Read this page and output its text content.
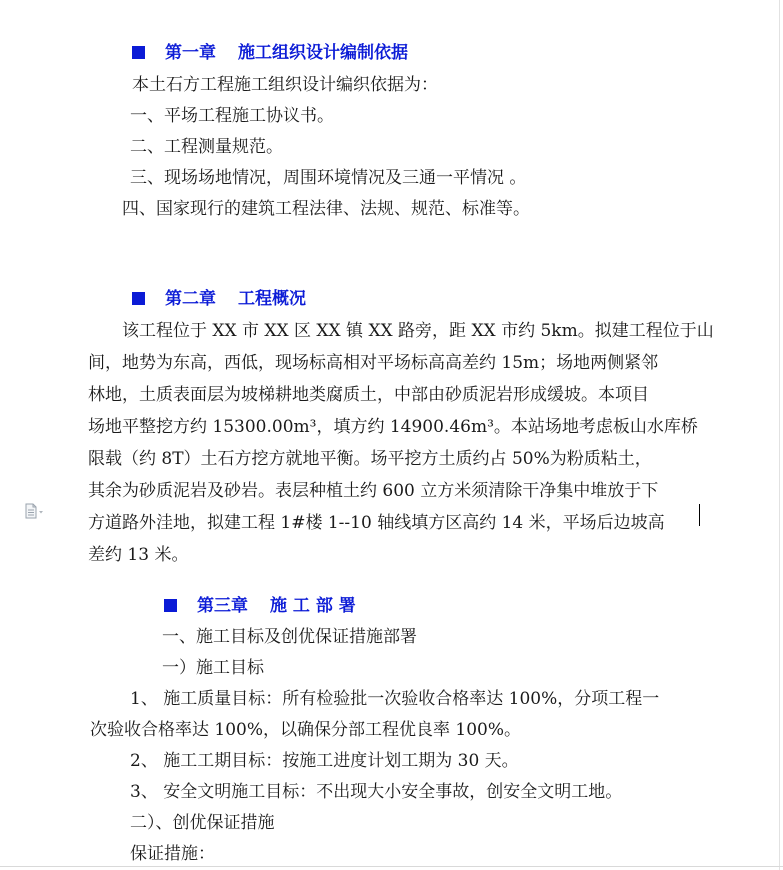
第一章 施工组织设计编制依据
本土石方工程施工组织设计编织依据为：
一、平场工程施工协议书。
二、工程测量规范。
三、现场场地情况，周围环境情况及三通一平情况 。
四、国家现行的建筑工程法律、法规、规范、标准等。
第二章 工程概况
该工程位于 XX 市 XX 区 XX 镇 XX 路旁，距 XX 市约 5km。拟建工程位于山
间，地势为东高，西低，现场标高相对平场标高高差约 15m；场地两侧紧邻
林地，土质表面层为坡梯耕地类腐质土，中部由砂质泥岩形成缓坡。本项目
场地平整挖方约 15300.00m³，填方约 14900.46m³。本站场地考虑板山水库桥
限载（约 8T）土石方挖方就地平衡。场平挖方土质约占 50%为粉质粘土，
其余为砂质泥岩及砂岩。表层种植土约 600 立方米须清除干净集中堆放于下
方道路外洼地，拟建工程 1#楼 1--10 轴线填方区高约 14 米，平场后边坡高
差约 13 米。
第三章 施 工 部 署
一、施工目标及创优保证措施部署
一）施工目标
1、 施工质量目标：所有检验批一次验收合格率达 100%，分项工程一
次验收合格率达 100%，以确保分部工程优良率 100%。
2、 施工工期目标：按施工进度计划工期为 30 天。
3、 安全文明施工目标：不出现大小安全事故，创安全文明工地。
二）、创优保证措施
保证措施：
